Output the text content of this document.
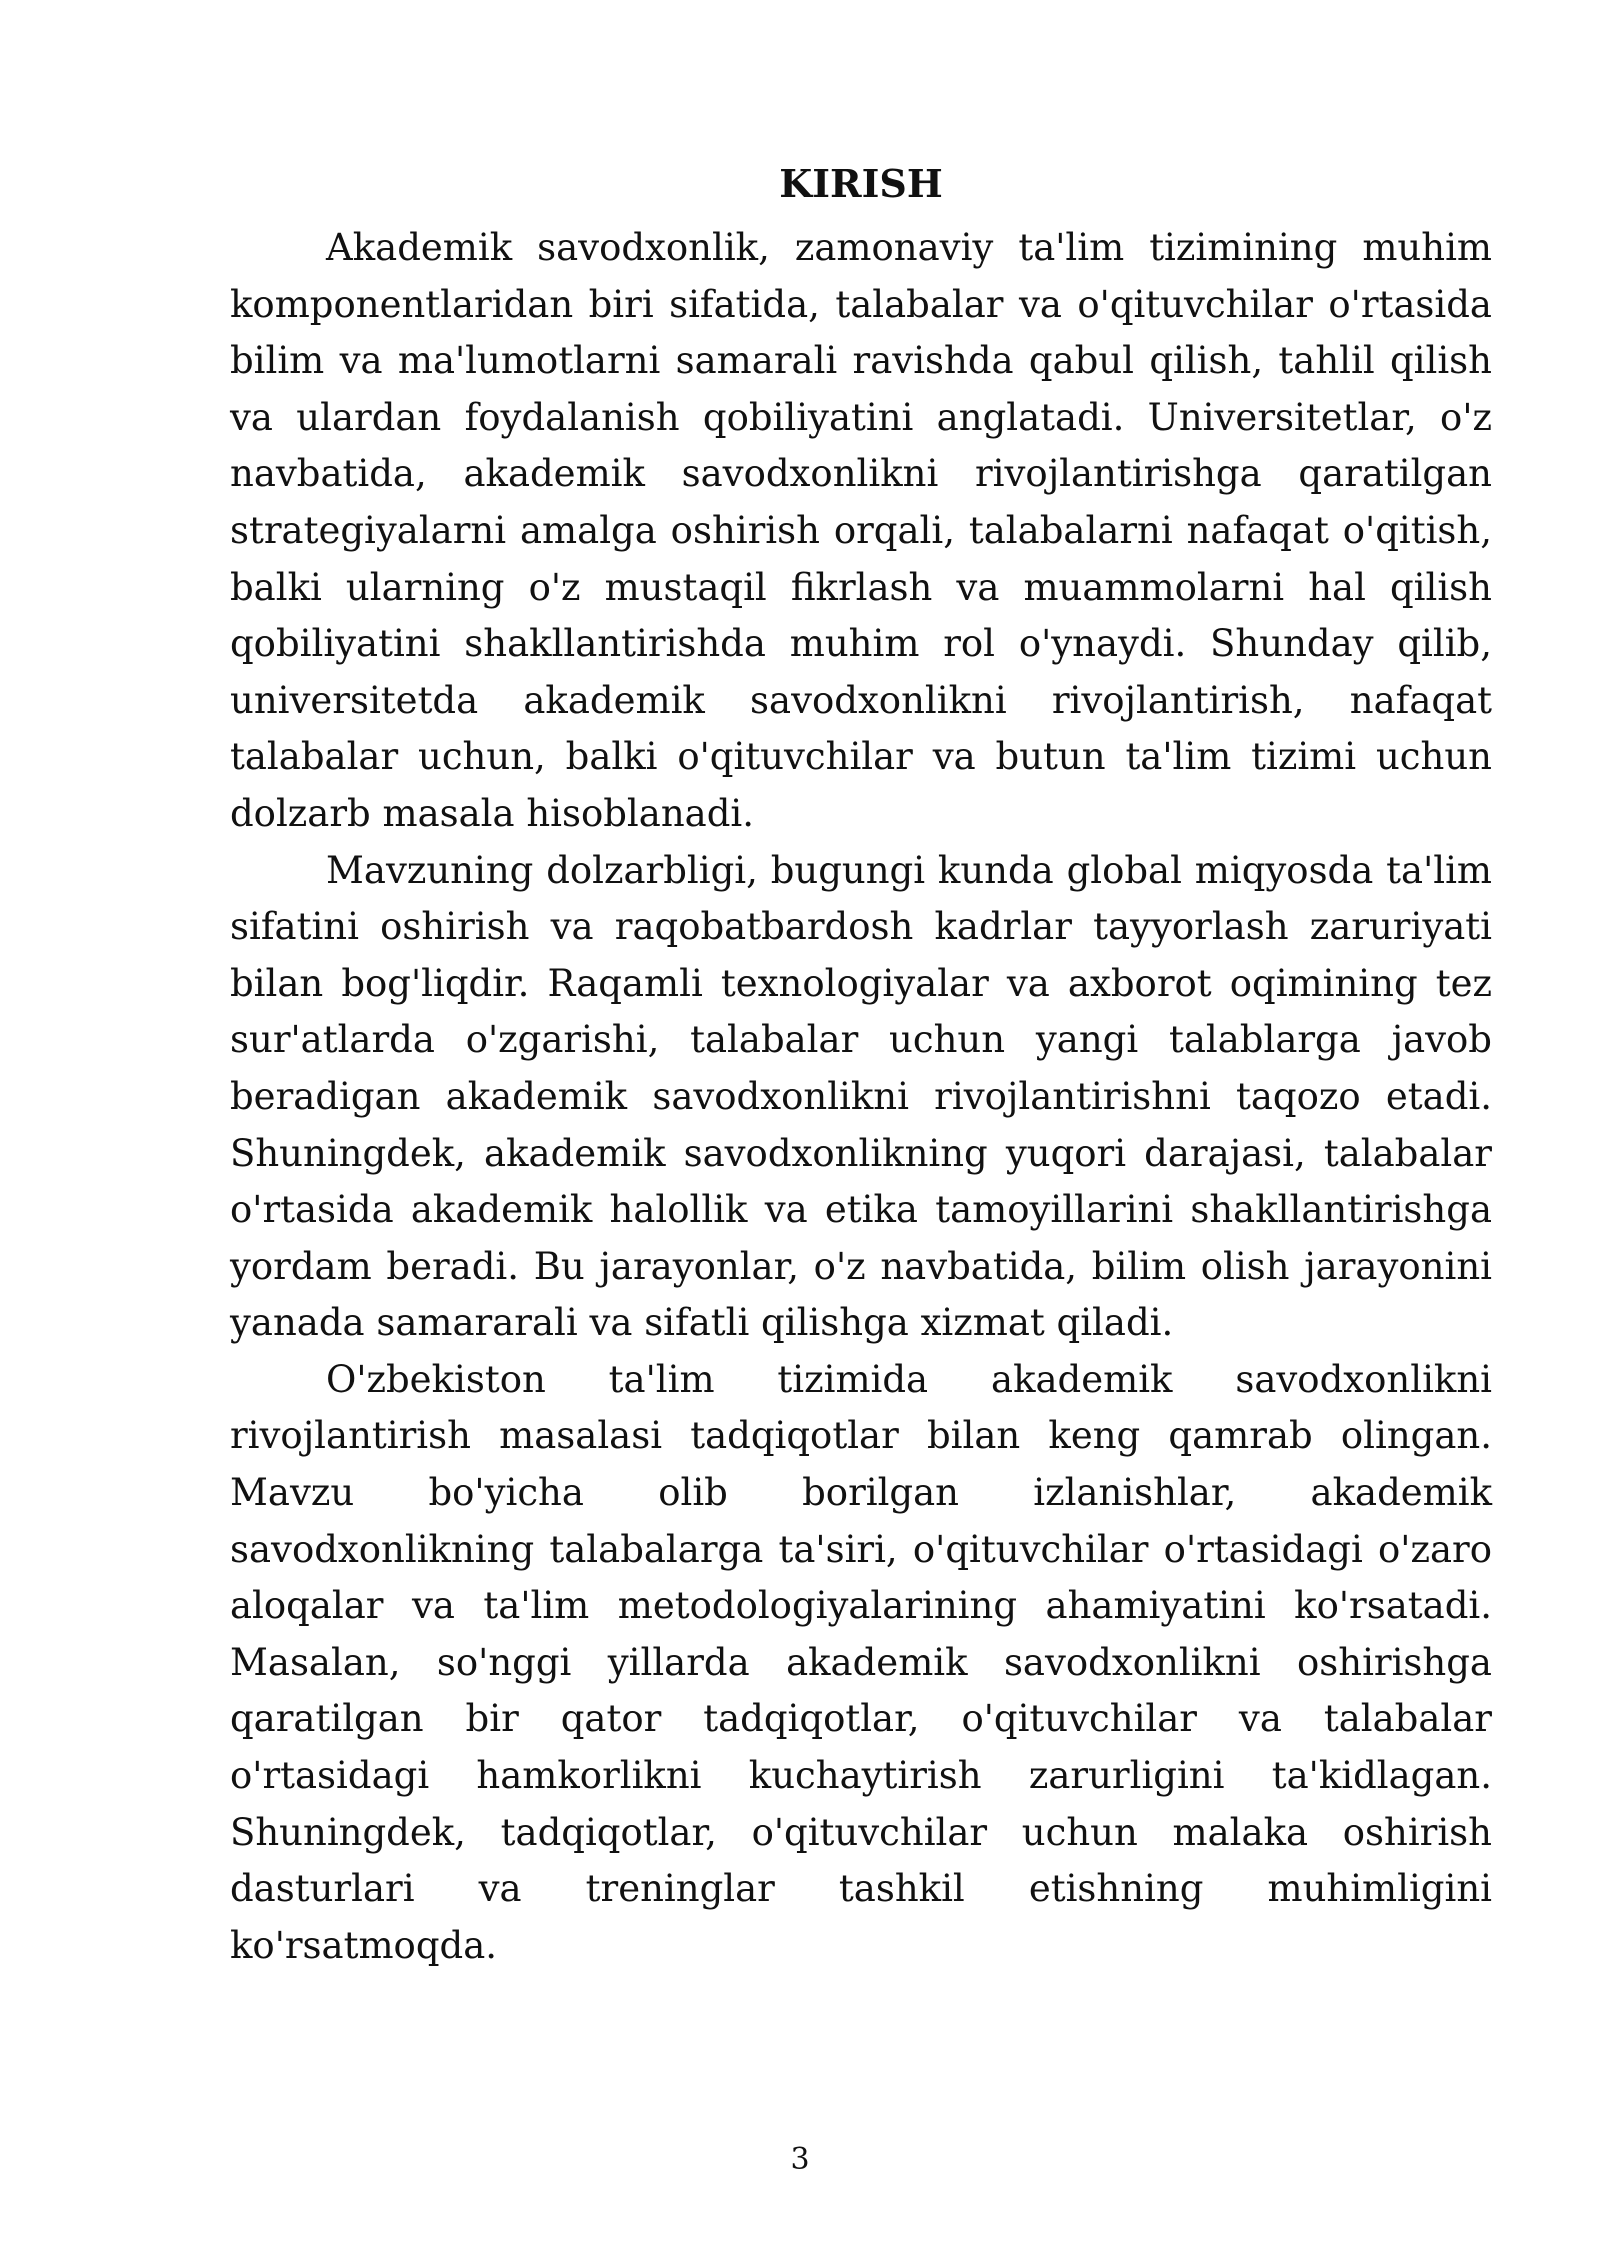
KIRISH

Akademik savodxonlik, zamonaviy ta'lim tizimining muhim komponentlaridan biri sifatida, talabalar va o'qituvchilar o'rtasida bilim va ma'lumotlarni samarali ravishda qabul qilish, tahlil qilish va ulardan foydalanish qobiliyatini anglatadi. Universitetlar, o'z navbatida, akademik savodxonlikni rivojlantirishga qaratilgan strategiyalarni amalga oshirish orqali, talabalarni nafaqat o'qitish, balki ularning o'z mustaqil fikrlash va muammolarni hal qilish qobiliyatini shakllantirishda muhim rol o'ynaydi. Shunday qilib, universitetda akademik savodxonlikni rivojlantirish, nafaqat talabalar uchun, balki o'qituvchilar va butun ta'lim tizimi uchun dolzarb masala hisoblanadi.

Mavzuning dolzarbligi, bugungi kunda global miqyosda ta'lim sifatini oshirish va raqobatbardosh kadrlar tayyorlash zaruriyati bilan bog'liqdir. Raqamli texnologiyalar va axborot oqimining tez sur'atlarda o'zgarishi, talabalar uchun yangi talablarga javob beradigan akademik savodxonlikni rivojlantirishni taqozo etadi. Shuningdek, akademik savodxonlikning yuqori darajasi, talabalar o'rtasida akademik halollik va etika tamoyillarini shakllantirishga yordam beradi. Bu jarayonlar, o'z navbatida, bilim olish jarayonini yanada samararali va sifatli qilishga xizmat qiladi.

O'zbekiston ta'lim tizimida akademik savodxonlikni rivojlantirish masalasi tadqiqotlar bilan keng qamrab olingan. Mavzu bo'yicha olib borilgan izlanishlar, akademik savodxonlikning talabalarga ta'siri, o'qituvchilar o'rtasidagi o'zaro aloqalar va ta'lim metodologiyalarining ahamiyatini ko'rsatadi. Masalan, so'nggi yillarda akademik savodxonlikni oshirishga qaratilgan bir qator tadqiqotlar, o'qituvchilar va talabalar o'rtasidagi hamkorlikni kuchaytirish zarurligini ta'kidlagan. Shuningdek, tadqiqotlar, o'qituvchilar uchun malaka oshirish dasturlari va treninglar tashkil etishning muhimligini ko'rsatmoqda.

3
